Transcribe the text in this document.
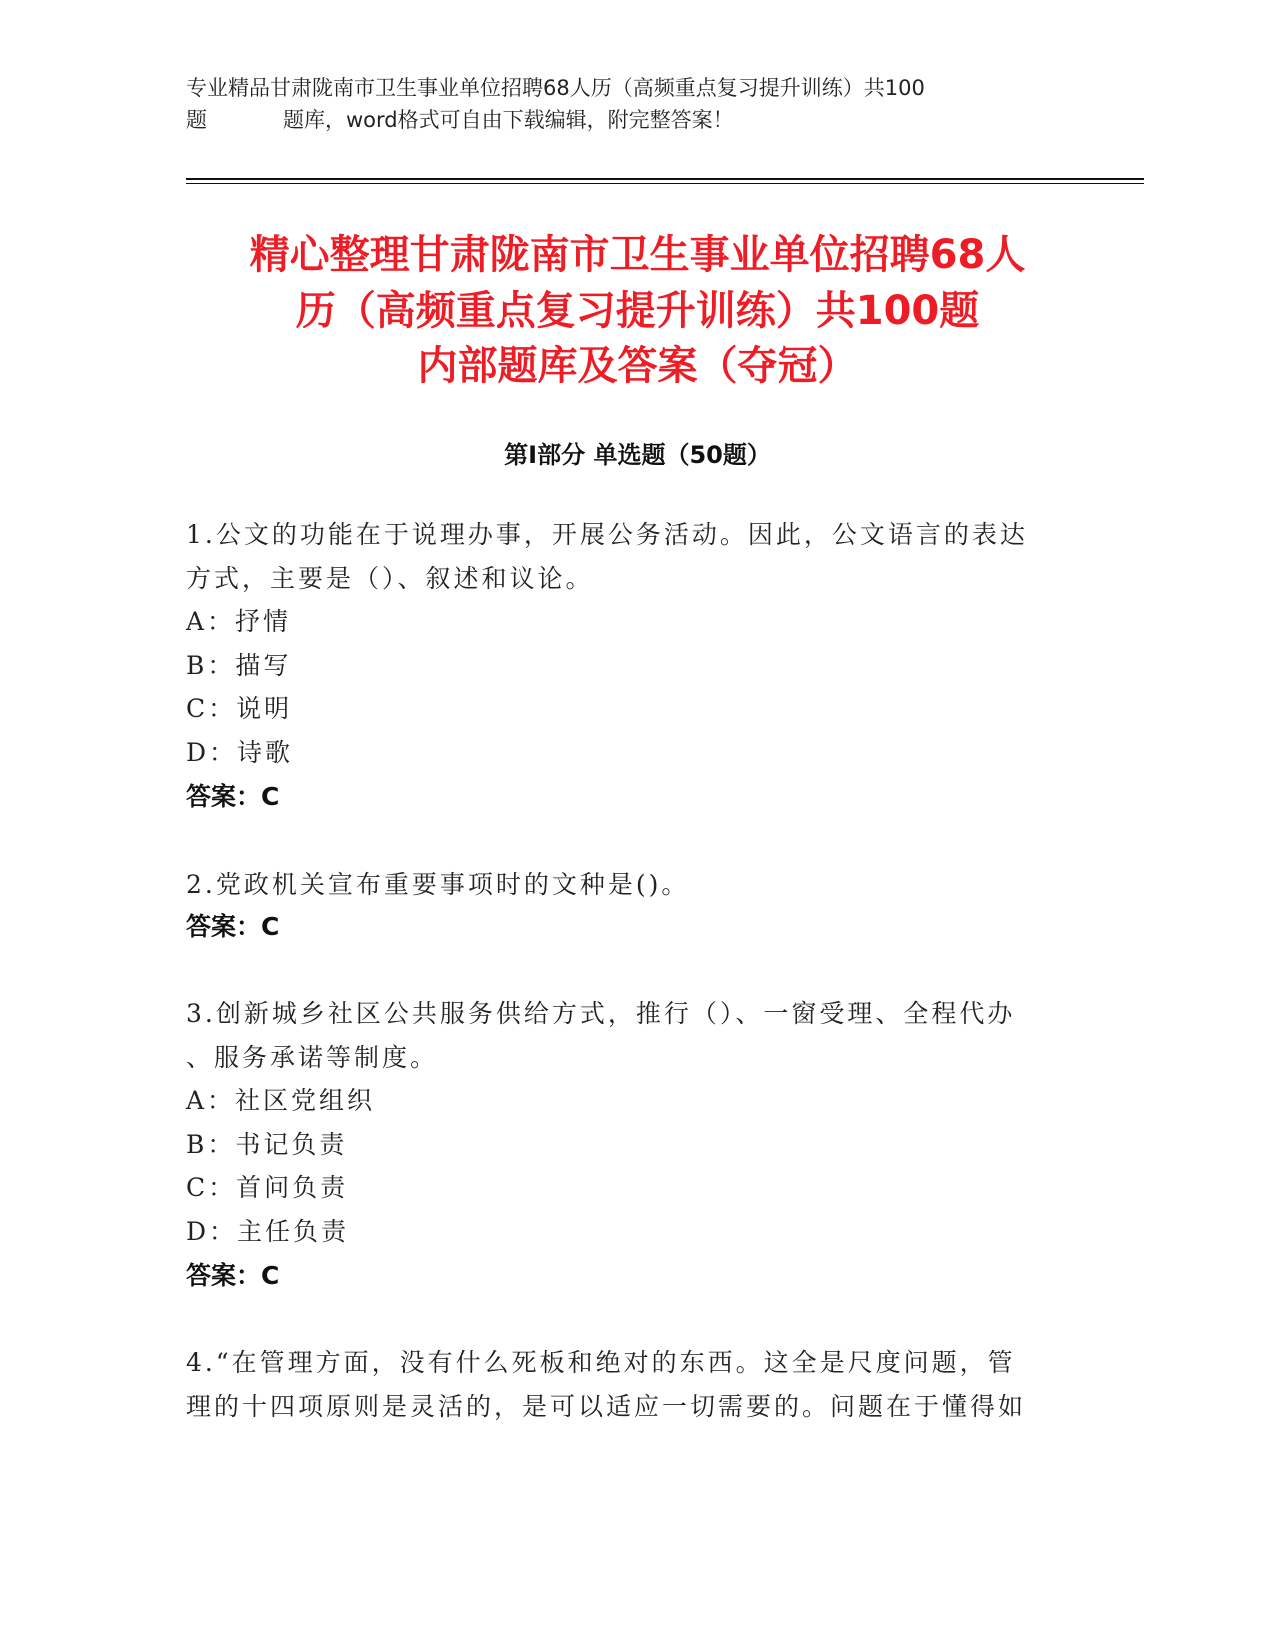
专业精品甘肃陇南市卫生事业单位招聘68人历（高频重点复习提升训练）共100
题	题库，word格式可自由下载编辑，附完整答案！
精心整理甘肃陇南市卫生事业单位招聘68人
历（高频重点复习提升训练）共100题
内部题库及答案（夺冠）
第Ⅰ部分 单选题（50题）
1.公文的功能在于说理办事，开展公务活动。因此，公文语言的表达
方式，主要是（）、叙述和议论。
A：抒情
B：描写
C：说明
D：诗歌
答案：C
2.党政机关宣布重要事项时的文种是()。
答案：C
3.创新城乡社区公共服务供给方式，推行（）、一窗受理、全程代办
、服务承诺等制度。
A：社区党组织
B：书记负责
C：首问负责
D：主任负责
答案：C
4.“在管理方面，没有什么死板和绝对的东西。这全是尺度问题，管
理的十四项原则是灵活的，是可以适应一切需要的。问题在于懂得如
